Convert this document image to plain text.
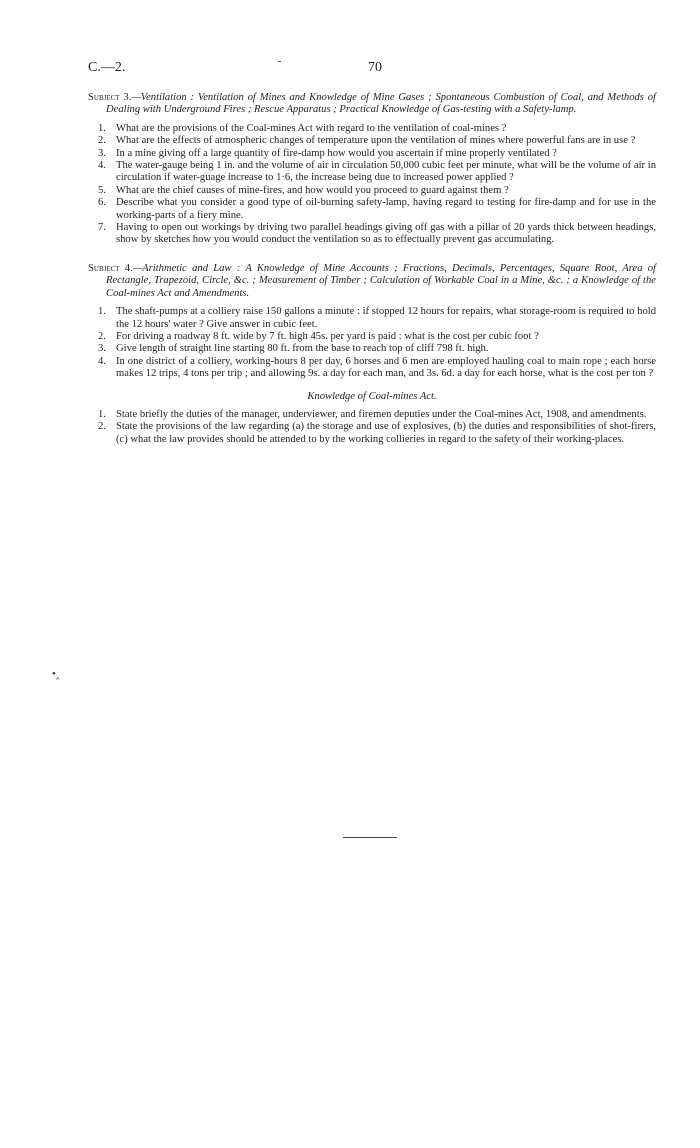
C.—2.	-	70

Subject 3.—Ventilation : Ventilation of Mines and Knowledge of Mine Gases ; Spontaneous Combustion of Coal, and Methods of Dealing with Underground Fires ; Rescue Apparatus ; Practical Knowledge of Gas-testing with a Safety-lamp.

1. What are the provisions of the Coal-mines Act with regard to the ventilation of coal-mines ?
2. What are the effects of atmospheric changes of temperature upon the ventilation of mines where powerful fans are in use ?
3. In a mine giving off a large quantity of fire-damp how would you ascertain if mine properly ventilated ?
4. The water-gauge being 1 in. and the volume of air in circulation 50,000 cubic feet per minute, what will be the volume of air in circulation if water-guage increase to 1·6, the increase being due to increased power applied ?
5. What are the chief causes of mine-fires, and how would you proceed to guard against them ?
6. Describe what you consider a good type of oil-burning safety-lamp, having regard to testing for fire-damp and for use in the working-parts of a fiery mine.
7. Having to open out workings by driving two parallel headings giving off gas with a pillar of 20 yards thick between headings, show by sketches how you would conduct the ventilation so as to effectually prevent gas accumulating.

Subject 4.—Arithmetic and Law : A Knowledge of Mine Accounts ; Fractions, Decimals, Percentages, Square Root, Area of Rectangle, Trapezoid, Circle, &c. ; Measurement of Timber ; Calculation of Workable Coal in a Mine, &c. ; a Knowledge of the Coal-mines Act and Amendments.

1. The shaft-pumps at a colliery raise 150 gallons a minute : if stopped 12 hours for repairs, what storage-room is required to hold the 12 hours' water ? Give answer in cubic feet.
2. For driving a roadway 8 ft. wide by 7 ft. high 45s. per yard is paid : what is the cost per cubic foot ?
3. Give length of straight line starting 80 ft. from the base to reach top of cliff 798 ft. high.
4. In one district of a colliery, working-hours 8 per day, 6 horses and 6 men are employed hauling coal to main rope ; each horse makes 12 trips, 4 tons per trip ; and allowing 9s. a day for each man, and 3s. 6d. a day for each horse, what is the cost per ton ?

Knowledge of Coal-mines Act.

1. State briefly the duties of the manager, underviewer, and firemen deputies under the Coal-mines Act, 1908, and amendments.
2. State the provisions of the law regarding (a) the storage and use of explosives, (b) the duties and responsibilities of shot-firers, (c) what the law provides should be attended to by the working collieries in regard to the safety of their working-places.
•‸
